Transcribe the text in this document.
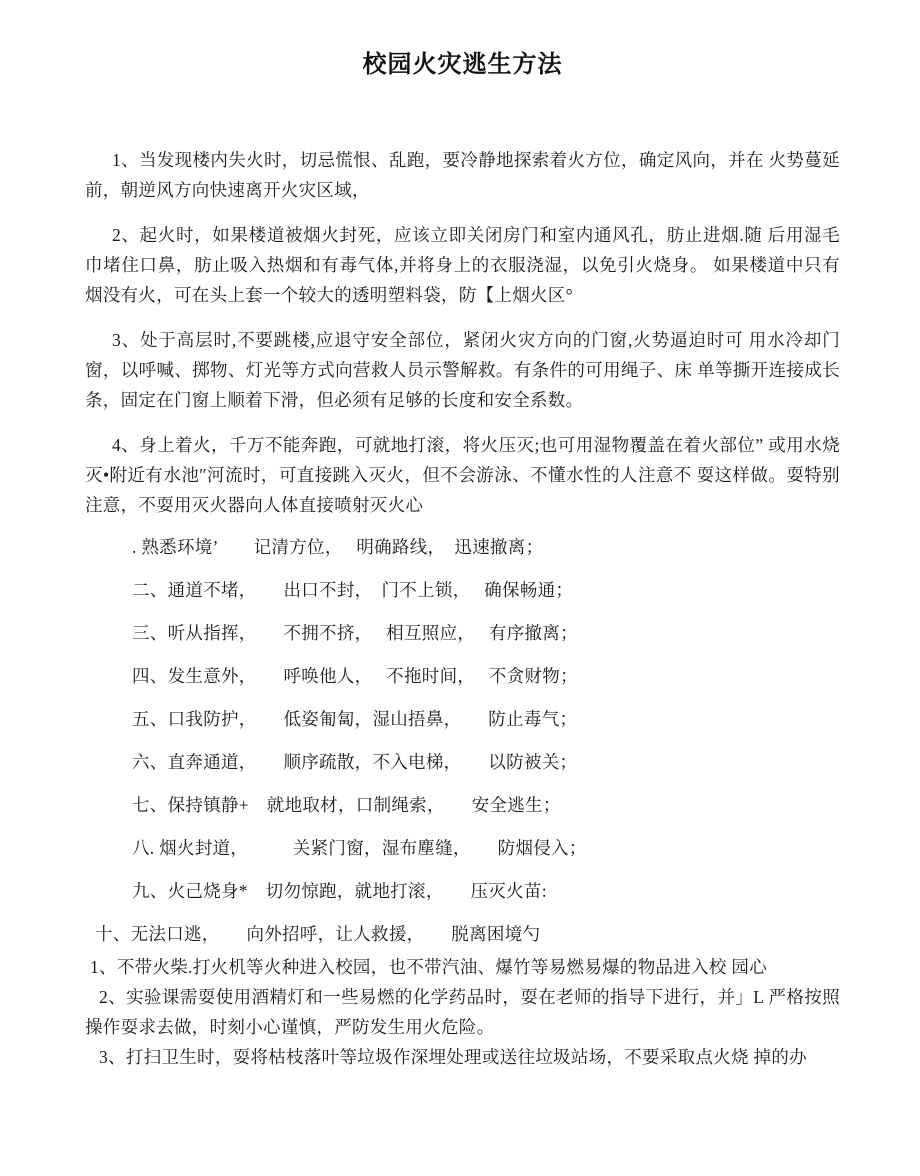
校园火灾逃生方法

1、当发现楼内失火时，切忌慌恨、乱跑，要冷静地探索着火方位，确定风向，并在 火势蔓延前，朝逆风方向快速离开火灾区域，

2、起火时，如果楼道被烟火封死，应该立即关闭房门和室内通风孔，肪止进烟.随 后用湿毛巾堵住口鼻，肪止吸入热烟和有毒气体,并将身上的衣服浇湿，以免引火烧身。 如果楼道中只有烟没有火，可在头上套一个较大的透明塑料袋，防【上烟火区°

3、处于高层时,不要跳楼,应退守安全部位，紧闭火灾方向的门窗,火势逼迫时可 用水冷却门窗，以呼喊、掷物、灯光等方式向营救人员示警解救。有条件的可用绳子、床 单等撕开连接成长条，固定在门窗上顺着下滑，但必须有足够的长度和安全系数。

4、身上着火，千万不能奔跑，可就地打滚，将火压灭;也可用湿物覆盖在着火部位” 或用水烧灭•附近有水池″河流时，可直接跳入灭火，但不会游泳、不懂水性的人注意不 耍这样做。耍特别注意，不耍用灭火器向人体直接喷射灭火心

. 熟悉环境’　　记清方位，　 明确路线，　迅速撤离；
二、通道不堵，　　出口不封，　门不上锁，　 确保畅通；
三、听从指挥，　　不拥不挤，　 相互照应，　 有序撤离；
四、发生意外，　　呼唤他人，　 不拖时间，　 不贪财物；
五、口我防护，　　低姿匍匐，湿山捂鼻，　　防止毒气；
六、直奔通道，　　顺序疏散，不入电梯，　　以防被关；
七、保持镇静+　就地取材，口制绳索，　　安全逃生；
八. 烟火封道，　　　关紧门窗，湿布塵缝，　　防烟侵入；
九、火己烧身*　切勿惊跑，就地打滚，　　压灭火苗:
十、无法口逃，　　向外招呼，让人救援，　　脱离困境勺

1、不带火柴.打火机等火种进入校园，也不带汽油、爆竹等易燃易爆的物品进入校 园心

2、实验课需耍使用酒精灯和一些易燃的化学药品时，耍在老师的指导下进行，并」L 严格按照操作耍求去做，时刻小心谨慎，严防发生用火危险。

3、打扫卫生时，耍将枯枝落叶等垃圾作深埋处理或送往垃圾站场，不要采取点火烧 掉的办
